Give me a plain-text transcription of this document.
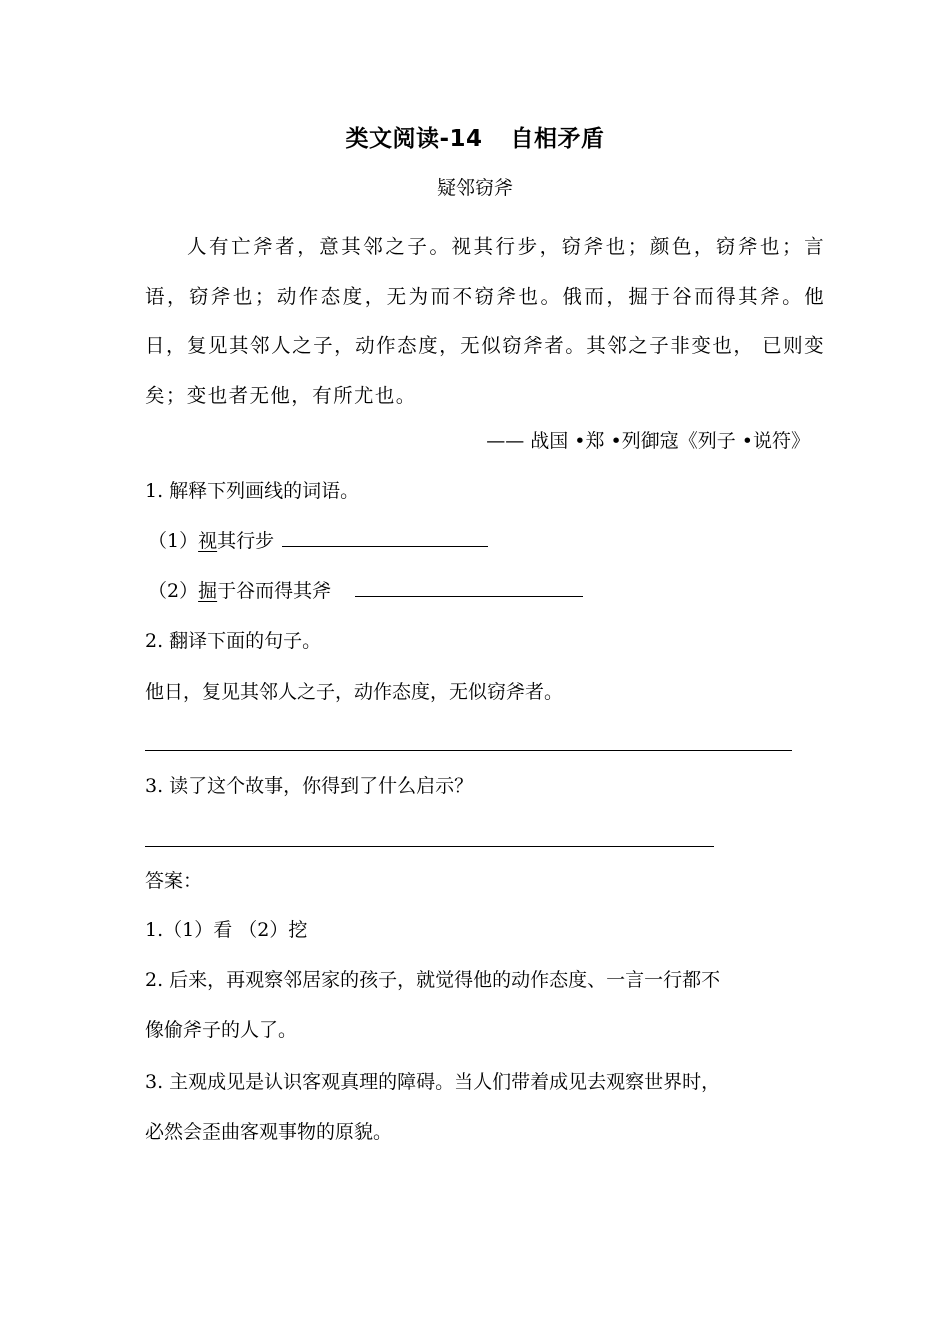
类文阅读-14 自相矛盾
疑邻窃斧

人有亡斧者，意其邻之子。视其行步，窃斧也；颜色，窃斧也；言语，窃斧也；动作态度，无为而不窃斧也。俄而，掘于谷而得其斧。他日，复见其邻人之子，动作态度，无似窃斧者。其邻之子非变也， 已则变矣；变也者无他，有所尤也。

—— 战国 •郑 •列御寇《列子 •说符》
1. 解释下列画线的词语。
（1）视其行步
（2）掘于谷而得其斧
2. 翻译下面的句子。
他日，复见其邻人之子，动作态度，无似窃斧者。
3. 读了这个故事，你得到了什么启示？
答案：
1.（1）看 （2）挖
2. 后来，再观察邻居家的孩子，就觉得他的动作态度、一言一行都不
像偷斧子的人了。
3. 主观成见是认识客观真理的障碍。当人们带着成见去观察世界时，
必然会歪曲客观事物的原貌。
